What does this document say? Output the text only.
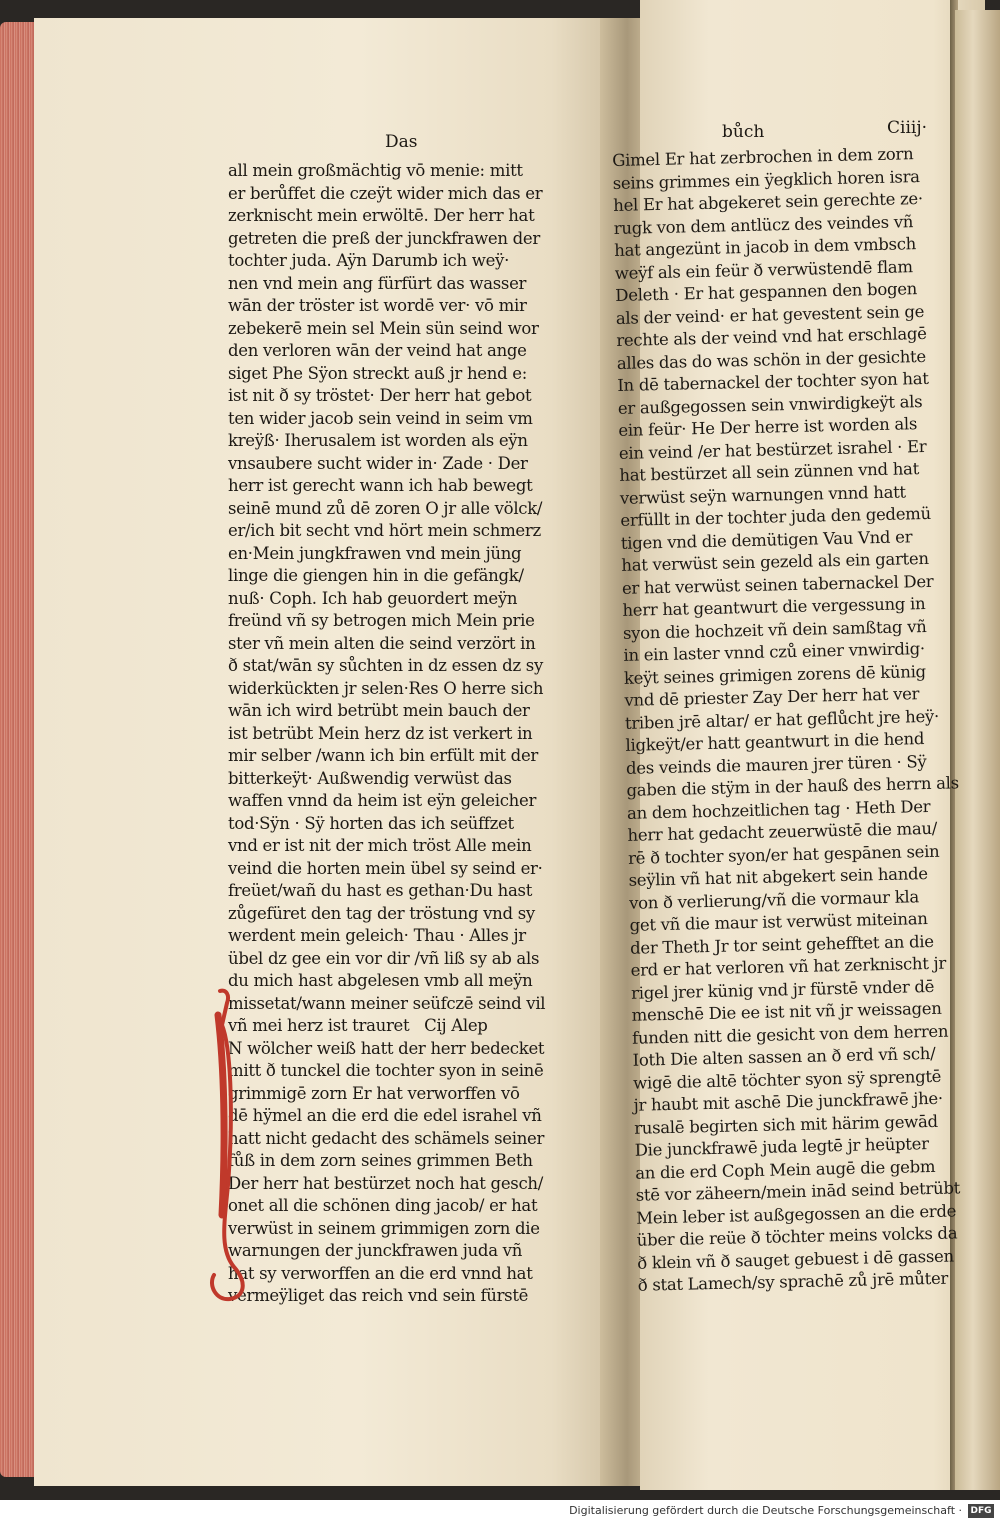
Das	bůch	Ciiij·
all mein großmächtig vō menie: mitt
er berůffet die czeÿt wider mich das er
zerknischt mein erwöltē. Der herr hat
getreten die preß der junckfrawen der
tochter juda. Aÿn Darumb ich weÿ·
nen vnd mein ang fürfürt das wasser
wān der tröster ist wordē ver· vō mir
zebekerē mein sel Mein sün seind wor
den verloren wān der veind hat ange
siget Phe Sÿon streckt auß jr hend e:
ist nit ð sy tröstet· Der herr hat gebot
ten wider jacob sein veind in seim vm
kreÿß· Iherusalem ist worden als eÿn
vnsaubere sucht wider in· Zade · Der
herr ist gerecht wann ich hab bewegt
seinē mund zů dē zoren O jr alle völck/
er/ich bit secht vnd hört mein schmerz
en·Mein jungkfrawen vnd mein jüng
linge die giengen hin in die gefängk/
nuß· Coph. Ich hab geuordert meÿn
freünd vñ sy betrogen mich Mein prie
ster vñ mein alten die seind verzört in
ð stat/wān sy sůchten in dz essen dz sy
widerkückten jr selen·Res O herre sich
wān ich wird betrübt mein bauch der
ist betrübt Mein herz dz ist verkert in
mir selber /wann ich bin erfült mit der
bitterkeÿt· Außwendig verwüst das
waffen vnnd da heim ist eÿn geleicher
tod·Sÿn · Sÿ horten das ich seüffzet
vnd er ist nit der mich tröst Alle mein
veind die horten mein übel sy seind er·
freüet/wañ du hast es gethan·Du hast
zůgefüret den tag der tröstung vnd sy
werdent mein geleich· Thau · Alles jr
übel dz gee ein vor dir /vñ liß sy ab als
du mich hast abgelesen vmb all meÿn
missetat/wann meiner seüfczē seind vil
vñ mei herz ist trauret   Cij Alep
N wölcher weiß hatt der herr bedecket
mitt ð tunckel die tochter syon in seinē
grimmigē zorn Er hat verworffen vō
dē hÿmel an die erd die edel israhel vñ
hatt nicht gedacht des schämels seiner
fůß in dem zorn seines grimmen Beth
Der herr hat bestürzet noch hat gesch/
onet all die schönen ding jacob/ er hat
verwüst in seinem grimmigen zorn die
warnungen der junckfrawen juda vñ
hat sy verworffen an die erd vnnd hat
vermeÿliget das reich vnd sein fürstē
Gimel Er hat zerbrochen in dem zorn
seins grimmes ein ÿegklich horen isra
hel Er hat abgekeret sein gerechte ze·
rugk von dem antlücz des veindes vñ
hat angezünt in jacob in dem vmbsch
weÿf als ein feür ð verwüstendē flam
Deleth · Er hat gespannen den bogen
als der veind· er hat gevestent sein ge
rechte als der veind vnd hat erschlagē
alles das do was schön in der gesichte
In dē tabernackel der tochter syon hat
er außgegossen sein vnwirdigkeÿt als
ein feür· He Der herre ist worden als
ein veind /er hat bestürzet israhel · Er
hat bestürzet all sein zünnen vnd hat
verwüst seÿn warnungen vnnd hatt
erfüllt in der tochter juda den gedemü
tigen vnd die demütigen Vau Vnd er
hat verwüst sein gezeld als ein garten
er hat verwüst seinen tabernackel Der
herr hat geantwurt die vergessung in
syon die hochzeit vñ dein samßtag vñ
in ein laster vnnd czů einer vnwirdig·
keÿt seines grimigen zorens dē künig
vnd dē priester Zay Der herr hat ver
triben jrē altar/ er hat geflůcht jre heÿ·
ligkeÿt/er hatt geantwurt in die hend
des veinds die mauren jrer türen · Sÿ
gaben die stÿm in der hauß des herrn als
an dem hochzeitlichen tag · Heth Der
herr hat gedacht zeuerwüstē die mau/
rē ð tochter syon/er hat gespānen sein
seÿlin vñ hat nit abgekert sein hande
von ð verlierung/vñ die vormaur kla
get vñ die maur ist verwüst miteinan
der Theth Jr tor seint gehefftet an die
erd er hat verloren vñ hat zerknischt jr
rigel jrer künig vnd jr fürstē vnder dē
menschē Die ee ist nit vñ jr weissagen
funden nitt die gesicht von dem herren
Ioth Die alten sassen an ð erd vñ sch/
wigē die altē töchter syon sÿ sprengtē
jr haubt mit aschē Die junckfrawē jhe·
rusalē begirten sich mit härim gewād
Die junckfrawē juda legtē jr heüpter
an die erd Coph Mein augē die gebm
stē vor zäheern/mein inād seind betrübt
Mein leber ist außgegossen an die erde
über die reüe ð töchter meins volcks da
ð klein vñ ð sauget gebuest i dē gassen
ð stat Lamech/sy sprachē zů jrē můter
Digitalisierung gefördert durch die Deutsche Forschungsgemeinschaft · DFG
